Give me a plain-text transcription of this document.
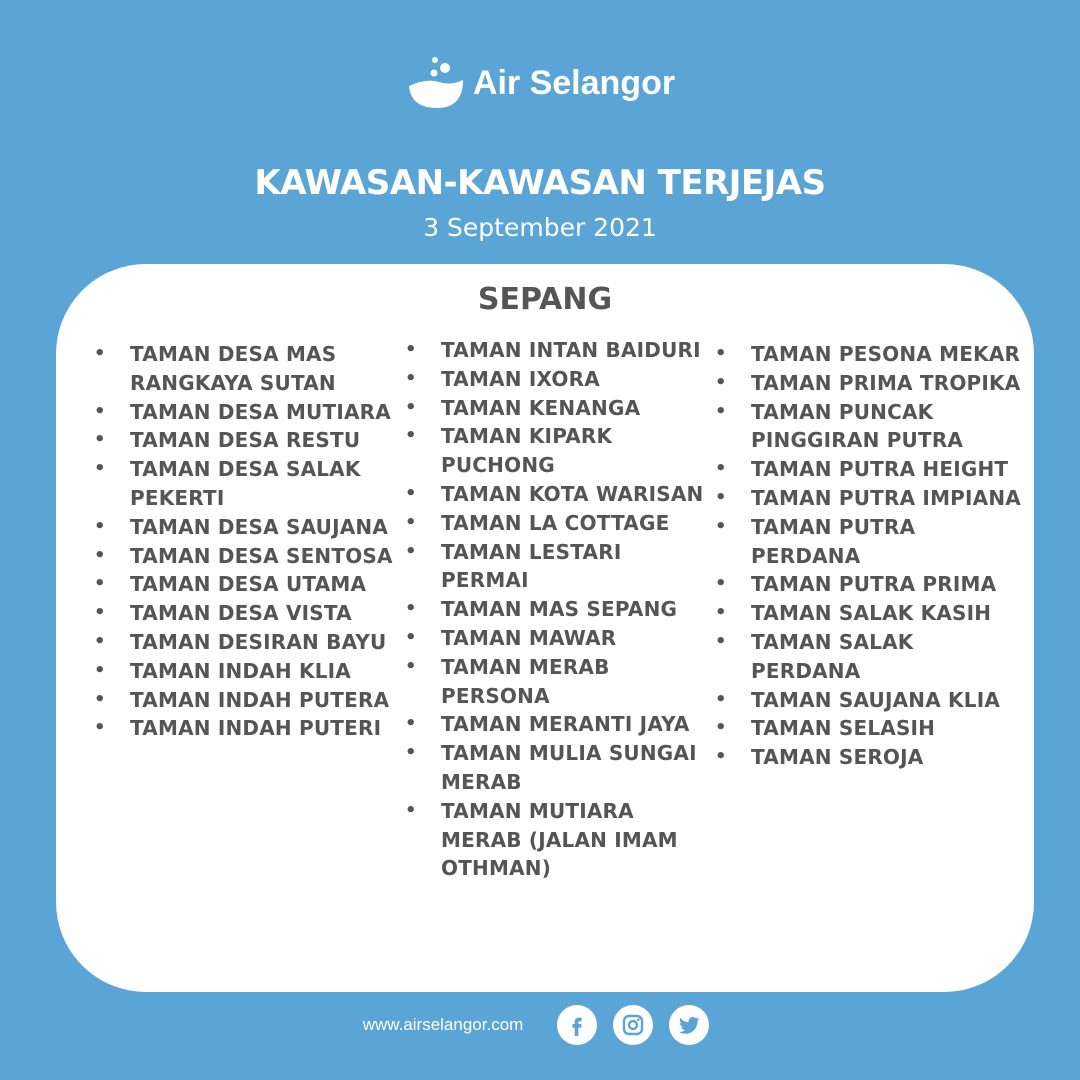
Air Selangor
KAWASAN-KAWASAN TERJEJAS
3 September 2021
SEPANG
• TAMAN DESA MAS RANGKAYA SUTAN
• TAMAN DESA MUTIARA
• TAMAN DESA RESTU
• TAMAN DESA SALAK PEKERTI
• TAMAN DESA SAUJANA
• TAMAN DESA SENTOSA
• TAMAN DESA UTAMA
• TAMAN DESA VISTA
• TAMAN DESIRAN BAYU
• TAMAN INDAH KLIA
• TAMAN INDAH PUTERA
• TAMAN INDAH PUTERI
• TAMAN INTAN BAIDURI
• TAMAN IXORA
• TAMAN KENANGA
• TAMAN KIPARK PUCHONG
• TAMAN KOTA WARISAN
• TAMAN LA COTTAGE
• TAMAN LESTARI PERMAI
• TAMAN MAS SEPANG
• TAMAN MAWAR
• TAMAN MERAB PERSONA
• TAMAN MERANTI JAYA
• TAMAN MULIA SUNGAI MERAB
• TAMAN MUTIARA MERAB (JALAN IMAM OTHMAN)
• TAMAN PESONA MEKAR
• TAMAN PRIMA TROPIKA
• TAMAN PUNCAK PINGGIRAN PUTRA
• TAMAN PUTRA HEIGHT
• TAMAN PUTRA IMPIANA
• TAMAN PUTRA PERDANA
• TAMAN PUTRA PRIMA
• TAMAN SALAK KASIH
• TAMAN SALAK PERDANA
• TAMAN SAUJANA KLIA
• TAMAN SELASIH
• TAMAN SEROJA
www.airselangor.com
